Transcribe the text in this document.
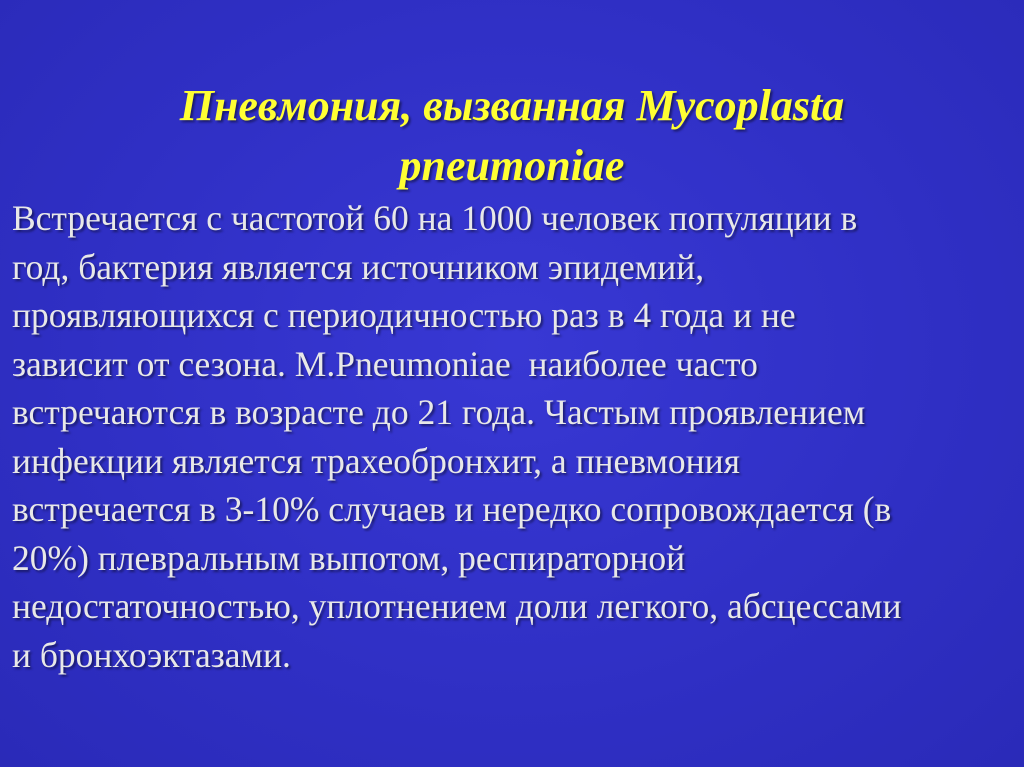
Пневмония, вызванная Mycoplasta
pneumoniae

Встречается с частотой 60 на 1000 человек популяции в
год, бактерия является источником эпидемий,
проявляющихся с периодичностью раз в 4 года и не
зависит от сезона. M.Pneumoniae  наиболее часто
встречаются в возрасте до 21 года. Частым проявлением
инфекции является трахеобронхит, а пневмония
встречается в 3-10% случаев и нередко сопровождается (в
20%) плевральным выпотом, респираторной
недостаточностью, уплотнением доли легкого, абсцессами
и бронхоэктазами.
